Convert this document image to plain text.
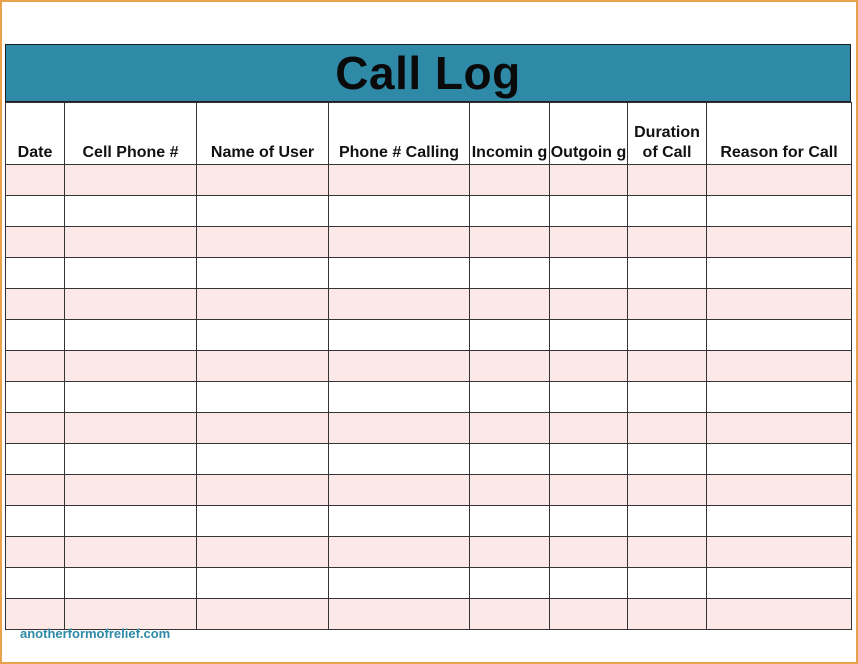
Call Log
Date	Cell Phone #	Name of User	Phone # Calling	Incomin g	Outgoin g	Duration of Call	Reason for Call

anotherformofrelief.com
